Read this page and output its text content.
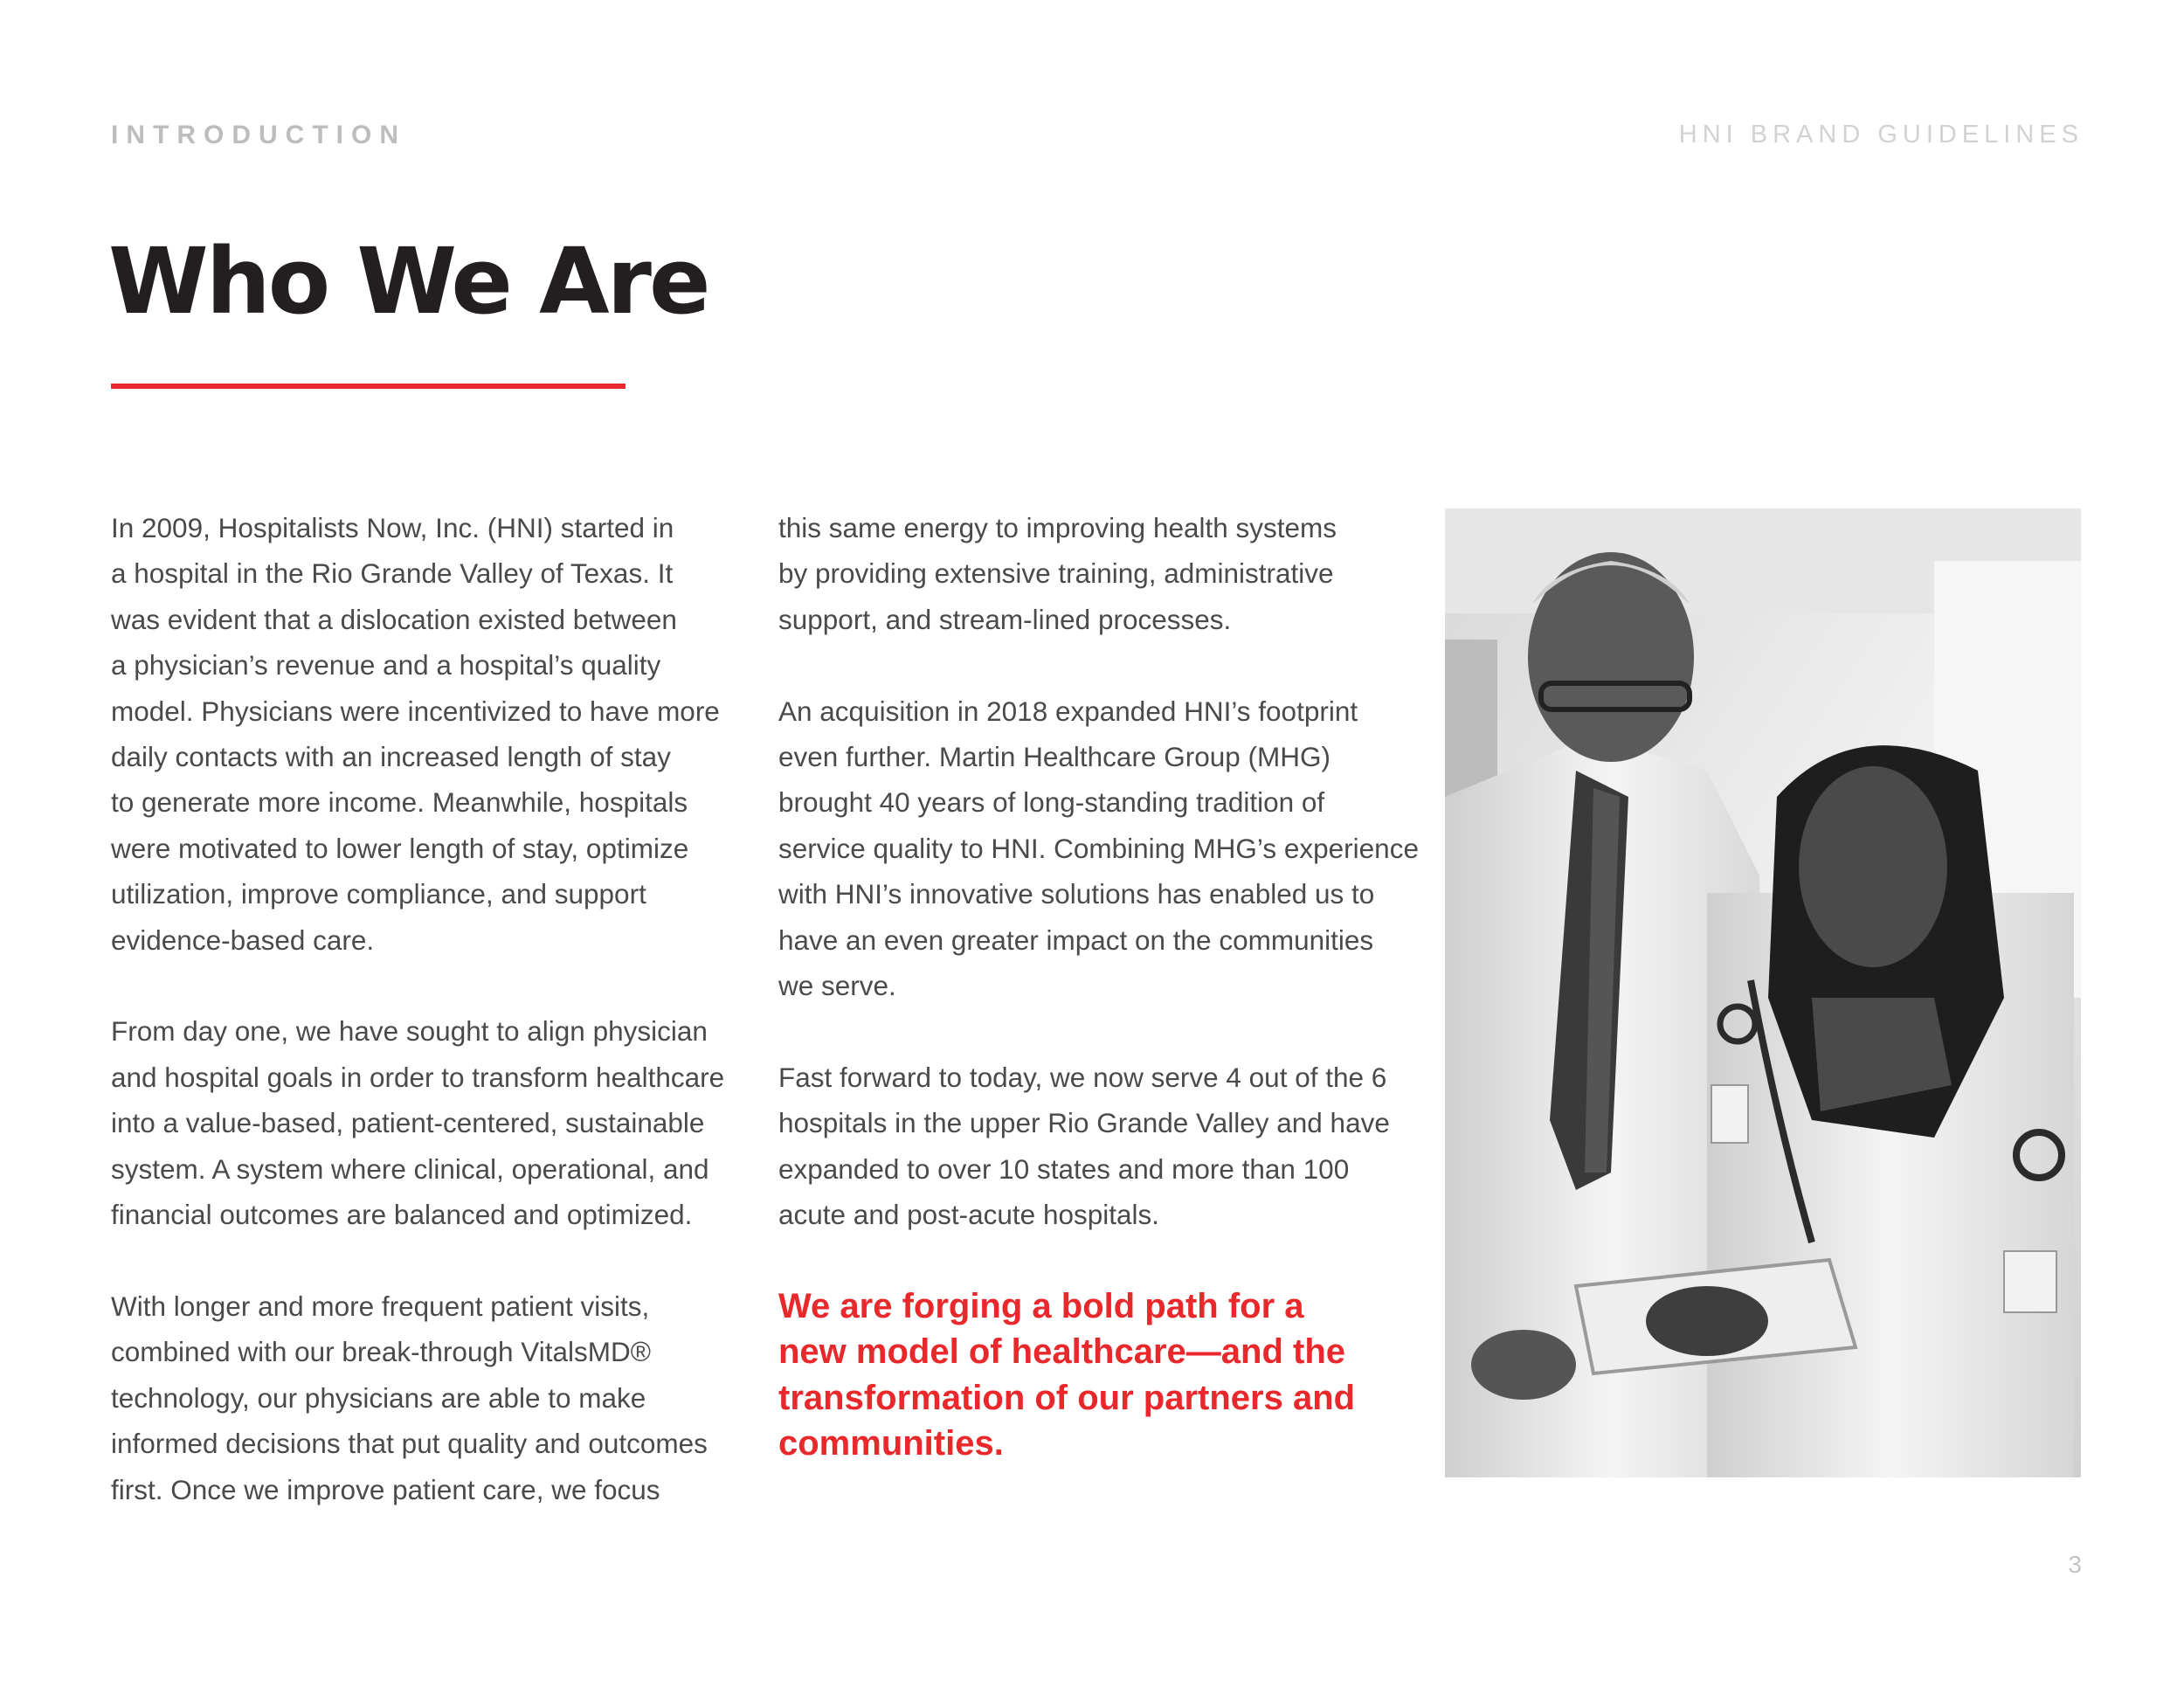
INTRODUCTION	HNI BRAND GUIDELINES
Who We Are

In 2009, Hospitalists Now, Inc. (HNI) started in
a hospital in the Rio Grande Valley of Texas. It
was evident that a dislocation existed between
a physician’s revenue and a hospital’s quality
model. Physicians were incentivized to have more
daily contacts with an increased length of stay
to generate more income. Meanwhile, hospitals
were motivated to lower length of stay, optimize
utilization, improve compliance, and support
evidence-based care.

From day one, we have sought to align physician
and hospital goals in order to transform healthcare
into a value-based, patient-centered, sustainable
system. A system where clinical, operational, and
financial outcomes are balanced and optimized.

With longer and more frequent patient visits,
combined with our break-through VitalsMD®
technology, our physicians are able to make
informed decisions that put quality and outcomes
first. Once we improve patient care, we focus

this same energy to improving health systems
by providing extensive training, administrative
support, and stream-lined processes.

An acquisition in 2018 expanded HNI’s footprint
even further. Martin Healthcare Group (MHG)
brought 40 years of long-standing tradition of
service quality to HNI. Combining MHG’s experience
with HNI’s innovative solutions has enabled us to
have an even greater impact on the communities
we serve.

Fast forward to today, we now serve 4 out of the 6
hospitals in the upper Rio Grande Valley and have
expanded to over 10 states and more than 100
acute and post-acute hospitals.

We are forging a bold path for a
new model of healthcare—and the
transformation of our partners and
communities.

3
